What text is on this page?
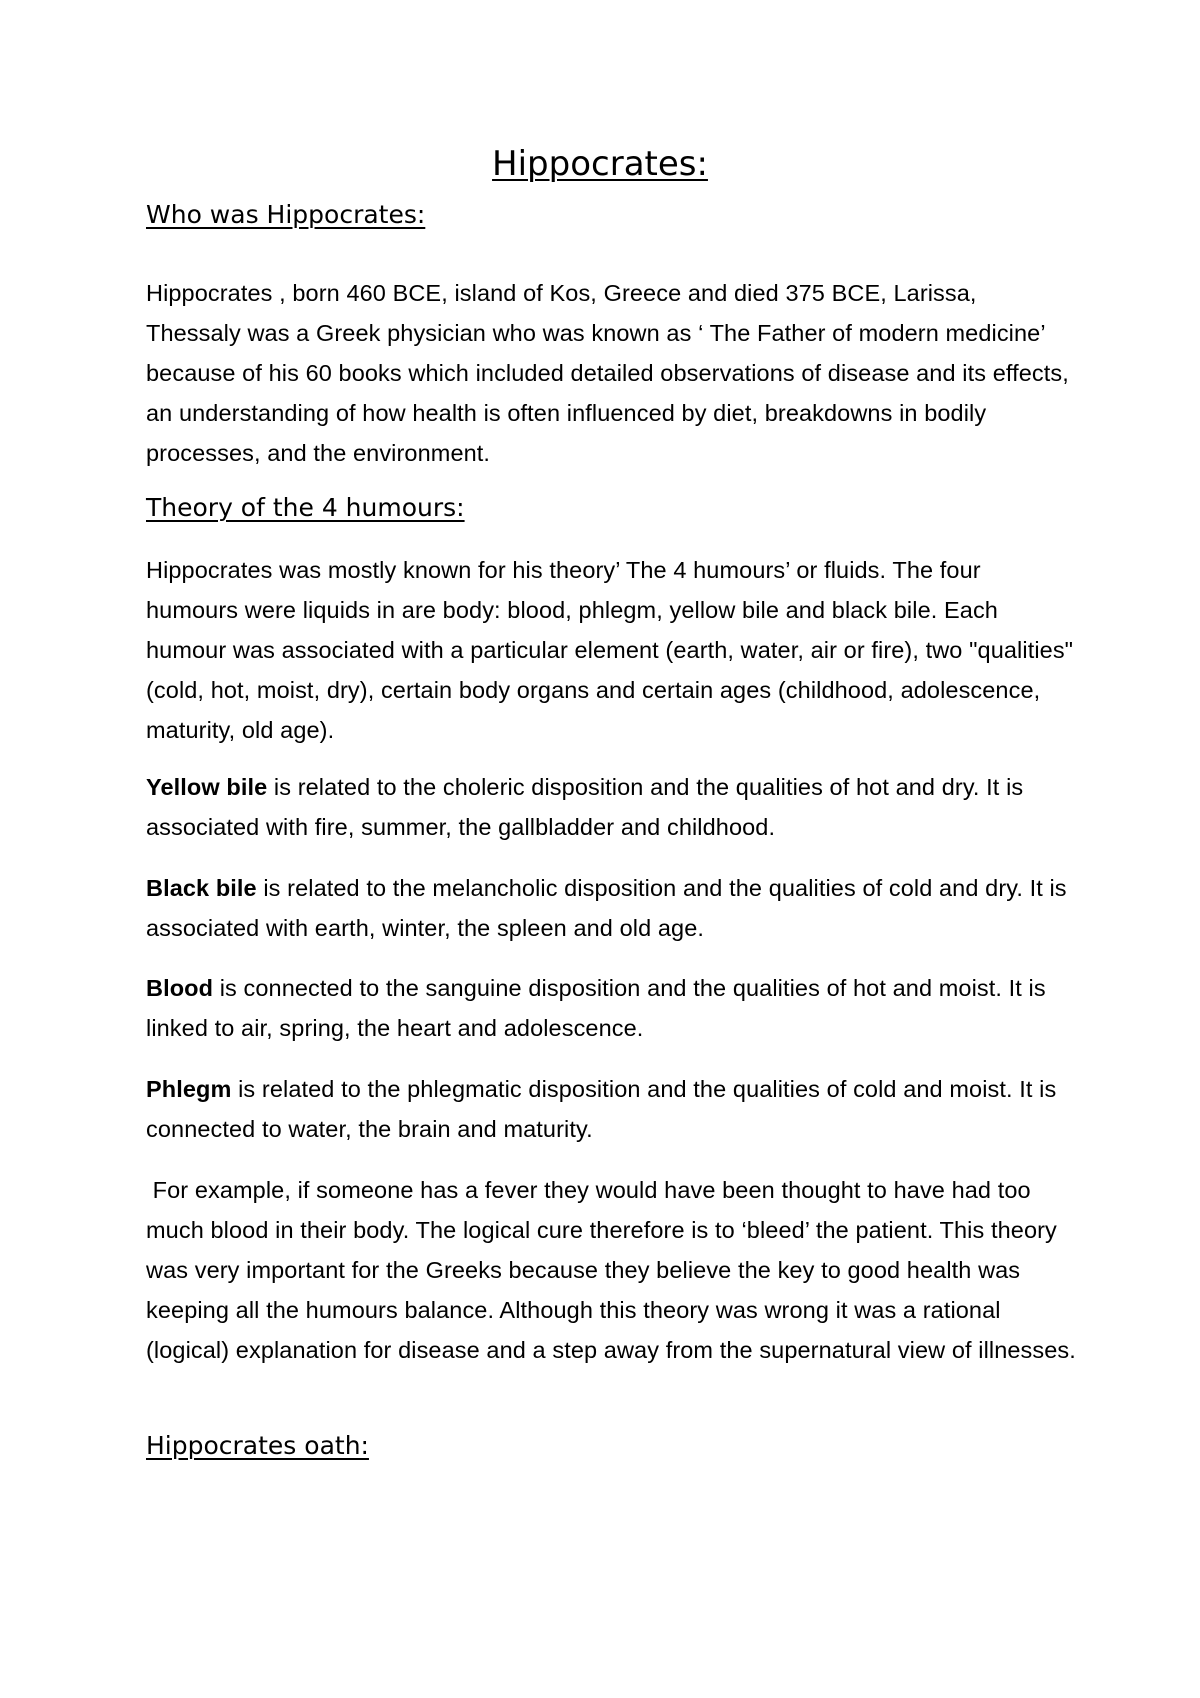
Hippocrates:
Who was Hippocrates:

Hippocrates , born 460 BCE, island of Kos, Greece and died 375 BCE, Larissa, Thessaly was a Greek physician who was known as ‘ The Father of modern medicine’ because of his 60 books which included detailed observations of disease and its effects, an understanding of how health is often influenced by diet, breakdowns in bodily processes, and the environment.

Theory of the 4 humours:

Hippocrates was mostly known for his theory’ The 4 humours’ or fluids. The four humours were liquids in are body: blood, phlegm, yellow bile and black bile. Each humour was associated with a particular element (earth, water, air or fire), two "qualities" (cold, hot, moist, dry), certain body organs and certain ages (childhood, adolescence, maturity, old age).

Yellow bile is related to the choleric disposition and the qualities of hot and dry. It is associated with fire, summer, the gallbladder and childhood.

Black bile is related to the melancholic disposition and the qualities of cold and dry. It is associated with earth, winter, the spleen and old age.

Blood is connected to the sanguine disposition and the qualities of hot and moist. It is linked to air, spring, the heart and adolescence.

Phlegm is related to the phlegmatic disposition and the qualities of cold and moist. It is connected to water, the brain and maturity.

For example, if someone has a fever they would have been thought to have had too much blood in their body. The logical cure therefore is to ‘bleed’ the patient. This theory was very important for the Greeks because they believe the key to good health was keeping all the humours balance. Although this theory was wrong it was a rational (logical) explanation for disease and a step away from the supernatural view of illnesses.

Hippocrates oath:
